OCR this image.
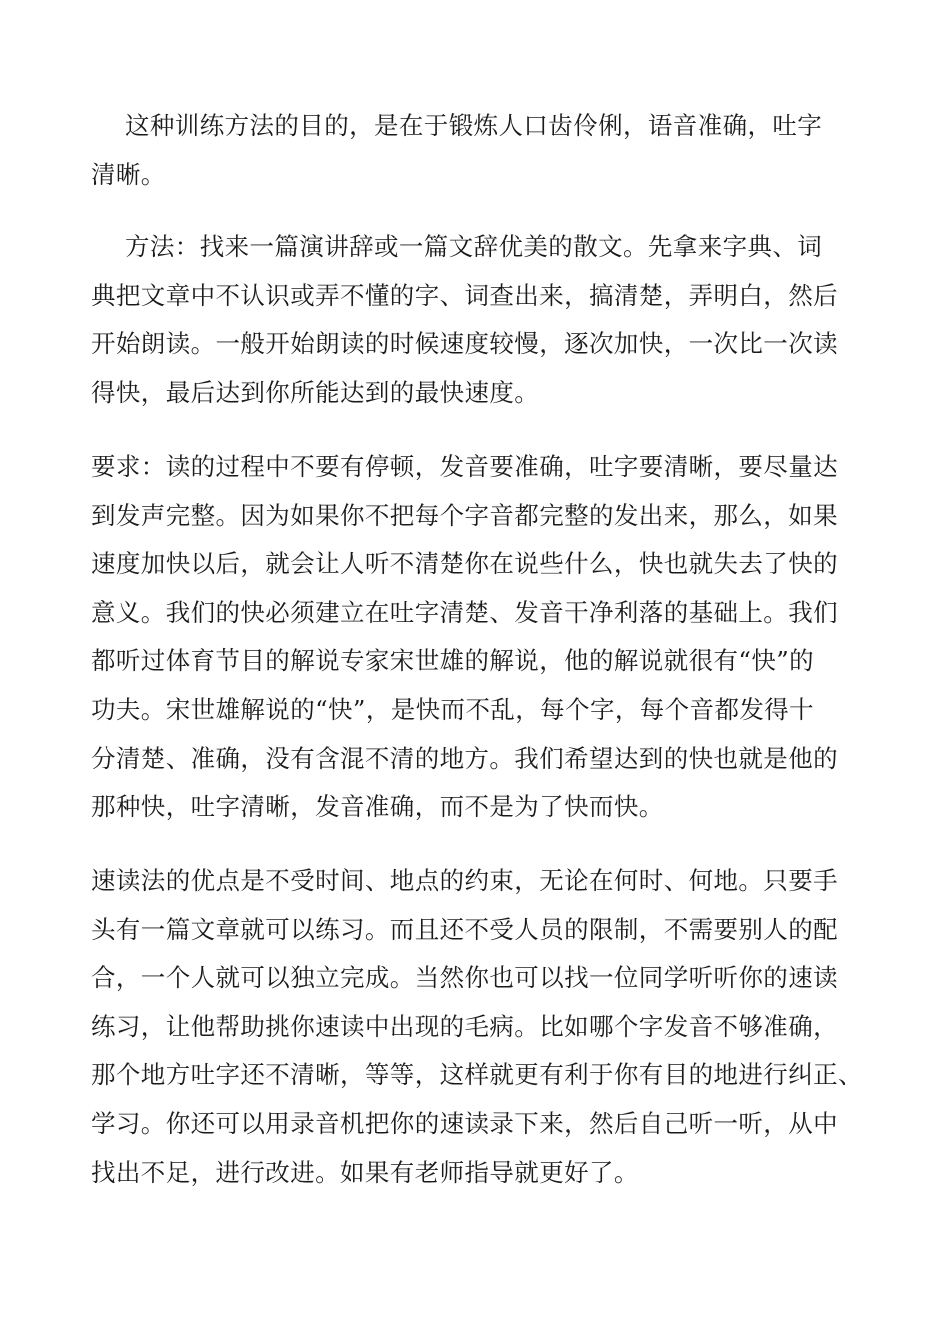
这种训练方法的目的，是在于锻炼人口齿伶俐，语音准确，吐字
清晰。

方法：找来一篇演讲辞或一篇文辞优美的散文。先拿来字典、词
典把文章中不认识或弄不懂的字、词查出来，搞清楚，弄明白，然后
开始朗读。一般开始朗读的时候速度较慢，逐次加快，一次比一次读
得快，最后达到你所能达到的最快速度。

要求：读的过程中不要有停顿，发音要准确，吐字要清晰，要尽量达
到发声完整。因为如果你不把每个字音都完整的发出来，那么，如果
速度加快以后，就会让人听不清楚你在说些什么，快也就失去了快的
意义。我们的快必须建立在吐字清楚、发音干净利落的基础上。我们
都听过体育节目的解说专家宋世雄的解说，他的解说就很有“快”的
功夫。宋世雄解说的“快”，是快而不乱，每个字，每个音都发得十
分清楚、准确，没有含混不清的地方。我们希望达到的快也就是他的
那种快，吐字清晰，发音准确，而不是为了快而快。

速读法的优点是不受时间、地点的约束，无论在何时、何地。只要手
头有一篇文章就可以练习。而且还不受人员的限制，不需要别人的配
合，一个人就可以独立完成。当然你也可以找一位同学听听你的速读
练习，让他帮助挑你速读中出现的毛病。比如哪个字发音不够准确，
那个地方吐字还不清晰，等等，这样就更有利于你有目的地进行纠正、
学习。你还可以用录音机把你的速读录下来，然后自己听一听，从中
找出不足，进行改进。如果有老师指导就更好了。
